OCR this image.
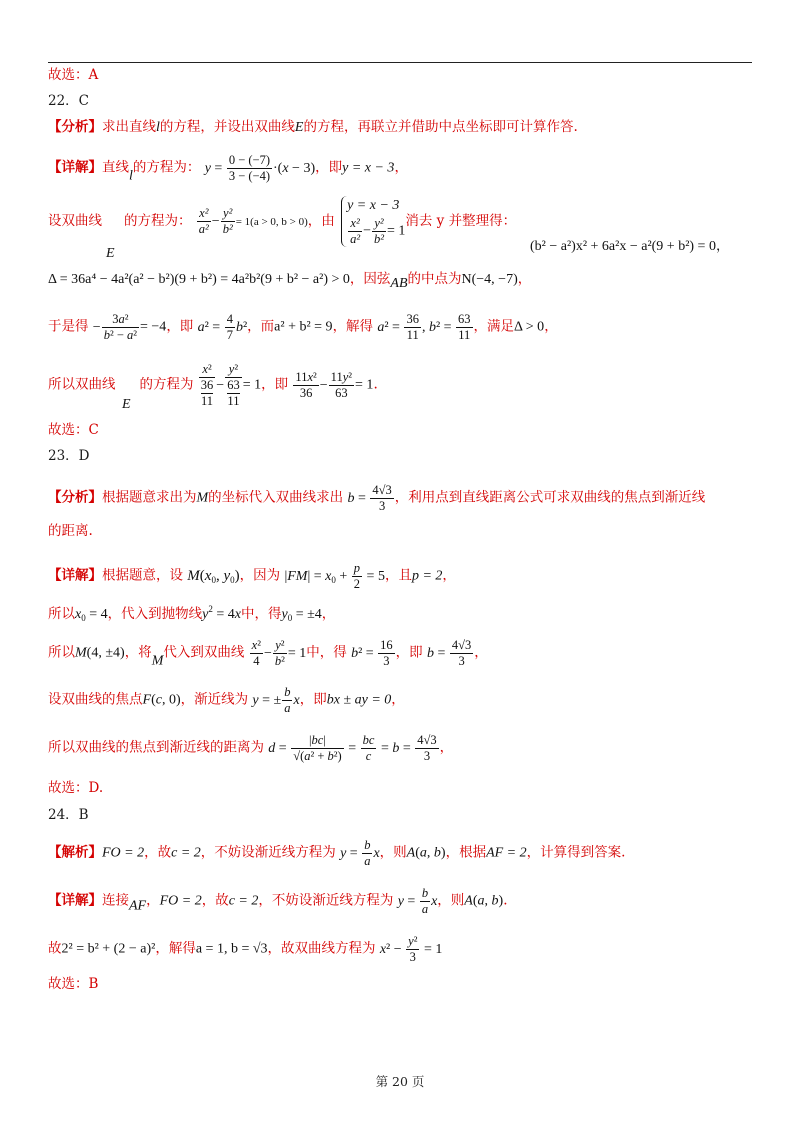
故选：A
22．C
【分析】求出直线l的方程，并设出双曲线E的方程，再联立并借助中点坐标即可计算作答.
【详解】直线l的方程为： $y = \frac{0 - (-7)}{3 - (-4)} \cdot(x - 3)$，即y = x − 3，
设双曲线 的方程为： $\frac{\text{x²}}{\text{a²}} - \frac{\text{y²}}{\text{b²}} = 1(a > 0$, b > 0)，由
y = x − 3
$\frac{\text{x²}}{\text{a²}} - \frac{\text{y²}}{\text{b²}} = 1$
消去 y 并整理得：
(b² − a²)x² + 6a²x − a²(9 + b²) = 0，
E
Δ = 36a⁴ − 4a²(a² − b²)(9 + b²) = 4a²b²(9 + b² − a²) > 0，因弦AB的中点为N(−4, −7)，
于是得 − $\frac{\text{3a²}}{\text{b² − a²}} = -4$，即 $a^2 = \frac{4}{7} b^2$，而a² + b² = 9，解得 $a^2 = \frac{36}{11}$ , $b^2 = \frac{63}{11}$ ，满足Δ > 0，
所以双曲线 的方程为 x²
36
11 − y²
63
11 = 1，即 $\frac{\text{11x²}}{36} - \frac{\text{11y²}}{63} = 1$.
E
故选：C
23．D
【分析】根据题意求出为M的坐标代入双曲线求出 $b = \frac{4√3}{3}$ ，利用点到直线距离公式可求双曲线的焦点到渐近线
的距离.
【详解】根据题意，设 $M(x_0$, $y_0$)，因为 $|FM| = x_0 + \frac{p}{2} = 5$，且p = 2，
所以$x_0 = 4$，代入到抛物线$y^2 = 4x$中，得$y_0 = \pm 4$，
所以M(4, ±4)，将M代入到双曲线 $\frac{\text{x²}}{4} - \frac{\text{y²}}{\text{b²}} = 1$中，得 $b^2 = \frac{16}{3}$ ，即 $b = \frac{4√3}{3}$ ，
设双曲线的焦点F(c, 0)，渐近线为 y = ± $\frac{b}{a}$ x，即bx ± ay = 0，
所以双曲线的焦点到渐近线的距离为 $d = \frac{|bc|}{\text{√(a² + b²)}} = \frac{bc}{c} = b = \frac{4√3}{3}$ ，
故选：D.
24．B
【解析】FO = 2，故c = 2，不妨设渐近线方程为 $y = \frac{b}{a}$ x，则A(a, b)，根据AF = 2，计算得到答案.
【详解】连接AF，FO = 2，故c = 2，不妨设渐近线方程为 $y = \frac{b}{a}$ x，则A(a, b).
故2² = b² + (2 − a)²，解得a = 1, b = √3，故双曲线方程为 $x^2 - \frac{\text{y²}}{3} = 1$
故选：B
第 20 页
